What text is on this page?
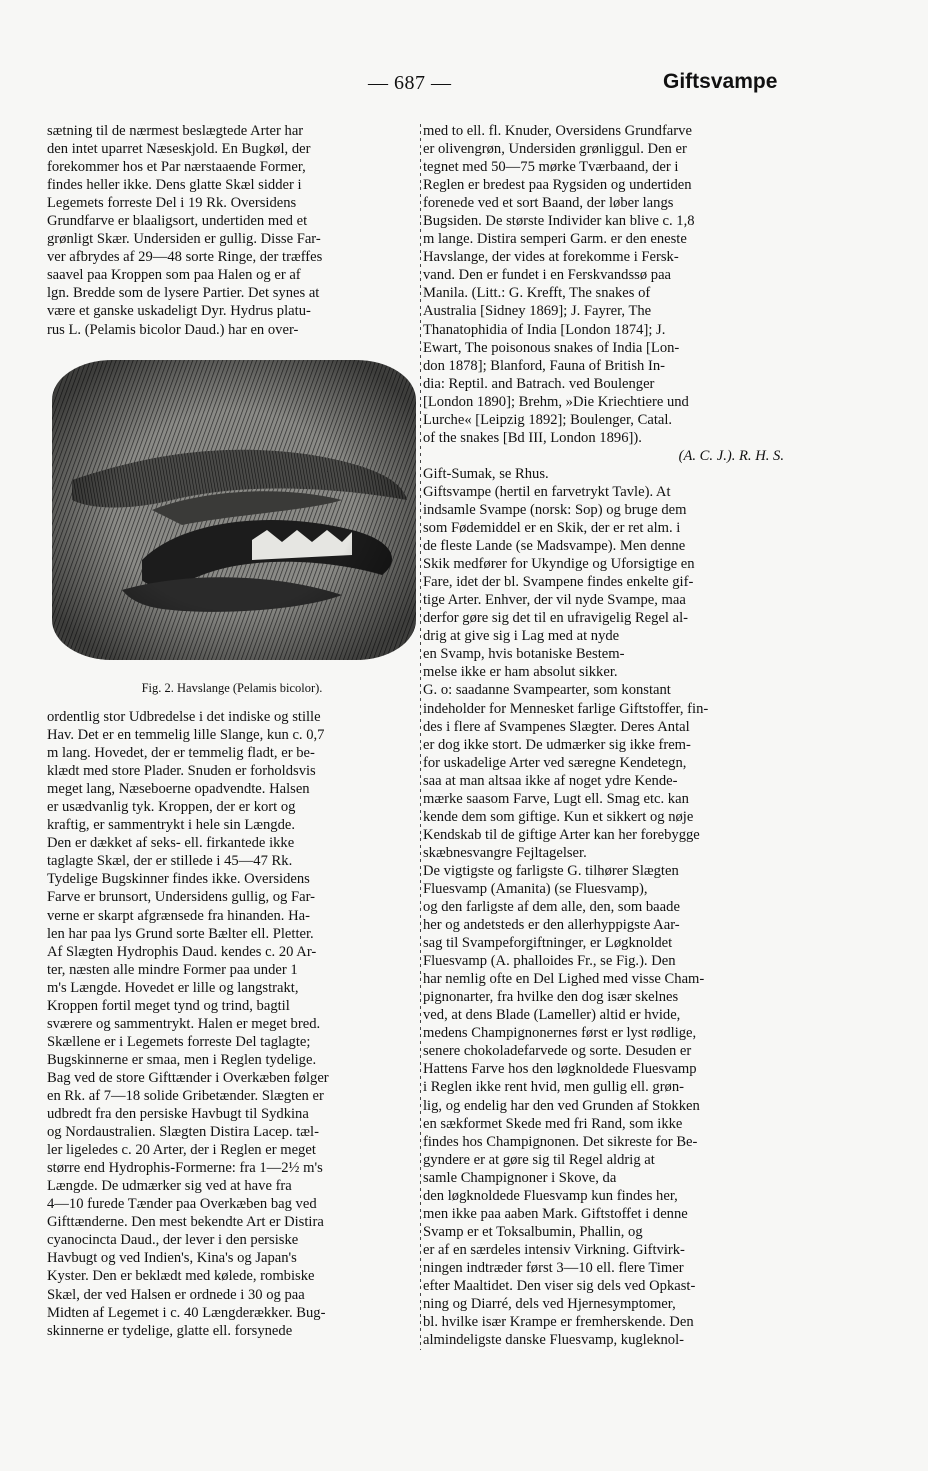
— 687 —	Giftsvampe
sætning til de nærmest beslægtede Arter har
den intet uparret Næseskjold. En Bugkøl, der
forekommer hos et Par nærstaaende Former,
findes heller ikke. Dens glatte Skæl sidder i
Legemets forreste Del i 19 Rk. Oversidens
Grundfarve er blaaligsort, undertiden med et
grønligt Skær. Undersiden er gullig. Disse Far-
ver afbrydes af 29—48 sorte Ringe, der træffes
saavel paa Kroppen som paa Halen og er af
lgn. Bredde som de lysere Partier. Det synes at
være et ganske uskadeligt Dyr. Hydrus platu-
rus L. (Pelamis bicolor Daud.) har en over-
Fig. 2. Havslange (Pelamis bicolor).
ordentlig stor Udbredelse i det indiske og stille
Hav. Det er en temmelig lille Slange, kun c. 0,7
m lang. Hovedet, der er temmelig fladt, er be-
klædt med store Plader. Snuden er forholdsvis
meget lang, Næseboerne opadvendte. Halsen
er usædvanlig tyk. Kroppen, der er kort og
kraftig, er sammentrykt i hele sin Længde.
Den er dækket af seks- ell. firkantede ikke
taglagte Skæl, der er stillede i 45—47 Rk.
Tydelige Bugskinner findes ikke. Oversidens
Farve er brunsort, Undersidens gullig, og Far-
verne er skarpt afgrænsede fra hinanden. Ha-
len har paa lys Grund sorte Bælter ell. Pletter.
Af Slægten Hydrophis Daud. kendes c. 20 Ar-
ter, næsten alle mindre Former paa under 1
m's Længde. Hovedet er lille og langstrakt,
Kroppen fortil meget tynd og trind, bagtil
sværere og sammentrykt. Halen er meget bred.
Skællene er i Legemets forreste Del taglagte;
Bugskinnerne er smaa, men i Reglen tydelige.
Bag ved de store Gifttænder i Overkæben følger
en Rk. af 7—18 solide Gribetænder. Slægten er
udbredt fra den persiske Havbugt til Sydkina
og Nordaustralien. Slægten Distira Lacep. tæl-
ler ligeledes c. 20 Arter, der i Reglen er meget
større end Hydrophis-Formerne: fra 1—2½ m's
Længde. De udmærker sig ved at have fra
4—10 furede Tænder paa Overkæben bag ved
Gifttænderne. Den mest bekendte Art er Distira
cyanocincta Daud., der lever i den persiske
Havbugt og ved Indien's, Kina's og Japan's
Kyster. Den er beklædt med kølede, rombiske
Skæl, der ved Halsen er ordnede i 30 og paa
Midten af Legemet i c. 40 Længderækker. Bug-
skinnerne er tydelige, glatte ell. forsynede
med to ell. fl. Knuder, Oversidens Grundfarve
er olivengrøn, Undersiden grønliggul. Den er
tegnet med 50—75 mørke Tværbaand, der i
Reglen er bredest paa Rygsiden og undertiden
forenede ved et sort Baand, der løber langs
Bugsiden. De største Individer kan blive c. 1,8
m lange. Distira semperi Garm. er den eneste
Havslange, der vides at forekomme i Fersk-
vand. Den er fundet i en Ferskvandssø paa
Manila. (Litt.: G. Krefft, The snakes of
Australia [Sidney 1869]; J. Fayrer, The
Thanatophidia of India [London 1874]; J.
Ewart, The poisonous snakes of India [Lon-
don 1878]; Blanford, Fauna of British In-
dia: Reptil. and Batrach. ved Boulenger
[London 1890]; Brehm, »Die Kriechtiere und
Lurche« [Leipzig 1892]; Boulenger, Catal.
of the snakes [Bd III, London 1896]).
(A. C. J.). R. H. S.
Gift-Sumak, se Rhus.
Giftsvampe (hertil en farvetrykt Tavle). At
indsamle Svampe (norsk: Sop) og bruge dem
som Fødemiddel er en Skik, der er ret alm. i
de fleste Lande (se Madsvampe). Men denne
Skik medfører for Ukyndige og Uforsigtige en
Fare, idet der bl. Svampene findes enkelte gif-
tige Arter. Enhver, der vil nyde Svampe, maa
derfor gøre sig det til en ufravigelig Regel al-
drig at give sig i Lag med at nyde
en Svamp, hvis botaniske Bestem-
melse ikke er ham absolut sikker.
G. o: saadanne Svampearter, som konstant
indeholder for Mennesket farlige Giftstoffer, fin-
des i flere af Svampenes Slægter. Deres Antal
er dog ikke stort. De udmærker sig ikke frem-
for uskadelige Arter ved særegne Kendetegn,
saa at man altsaa ikke af noget ydre Kende-
mærke saasom Farve, Lugt ell. Smag etc. kan
kende dem som giftige. Kun et sikkert og nøje
Kendskab til de giftige Arter kan her forebygge
skæbnesvangre Fejltagelser.
De vigtigste og farligste G. tilhører Slægten
Fluesvamp (Amanita) (se Fluesvamp),
og den farligste af dem alle, den, som baade
her og andetsteds er den allerhyppigste Aar-
sag til Svampeforgiftninger, er Løgknoldet
Fluesvamp (A. phalloides Fr., se Fig.). Den
har nemlig ofte en Del Lighed med visse Cham-
pignonarter, fra hvilke den dog især skelnes
ved, at dens Blade (Lameller) altid er hvide,
medens Champignonernes først er lyst rødlige,
senere chokoladefarvede og sorte. Desuden er
Hattens Farve hos den løgknoldede Fluesvamp
i Reglen ikke rent hvid, men gullig ell. grøn-
lig, og endelig har den ved Grunden af Stokken
en sækformet Skede med fri Rand, som ikke
findes hos Champignonen. Det sikreste for Be-
gyndere er at gøre sig til Regel aldrig at
samle Champignoner i Skove, da
den løgknoldede Fluesvamp kun findes her,
men ikke paa aaben Mark. Giftstoffet i denne
Svamp er et Toksalbumin, Phallin, og
er af en særdeles intensiv Virkning. Giftvirk-
ningen indtræder først 3—10 ell. flere Timer
efter Maaltidet. Den viser sig dels ved Opkast-
ning og Diarré, dels ved Hjernesymptomer,
bl. hvilke især Krampe er fremherskende. Den
almindeligste danske Fluesvamp, kugleknol-
